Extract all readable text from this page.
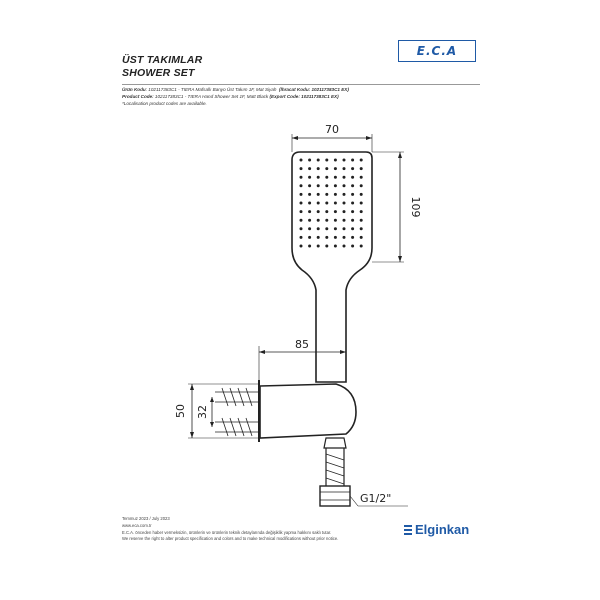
ÜST TAKIMLAR
SHOWER SET
E.C.A
Ürün Kodu: 102117383C1 - TIERA Mafsallı Banyo Üst Takım 1F, Mat Siyah (İhracat Kodu: 102117383C1 EX)
Product Code: 102117383C1 - TIERA Hand Shower Set 1F, Matt Black (Export Code: 102117383C1 EX)
*Localisation product codes are available.
70
109
85
50 32
G1/2"
Temmuz 2023 / July 2023
www.eca.com.tr
E.C.A. önceden haber vermeksizin, ürünlerin ve ürünlerin teknik detaylarında değişiklik yapma hakkını saklı tutar.
We reserve the right to alter product specification and colors and to make technical modifications without prior notice.
Elginkan
